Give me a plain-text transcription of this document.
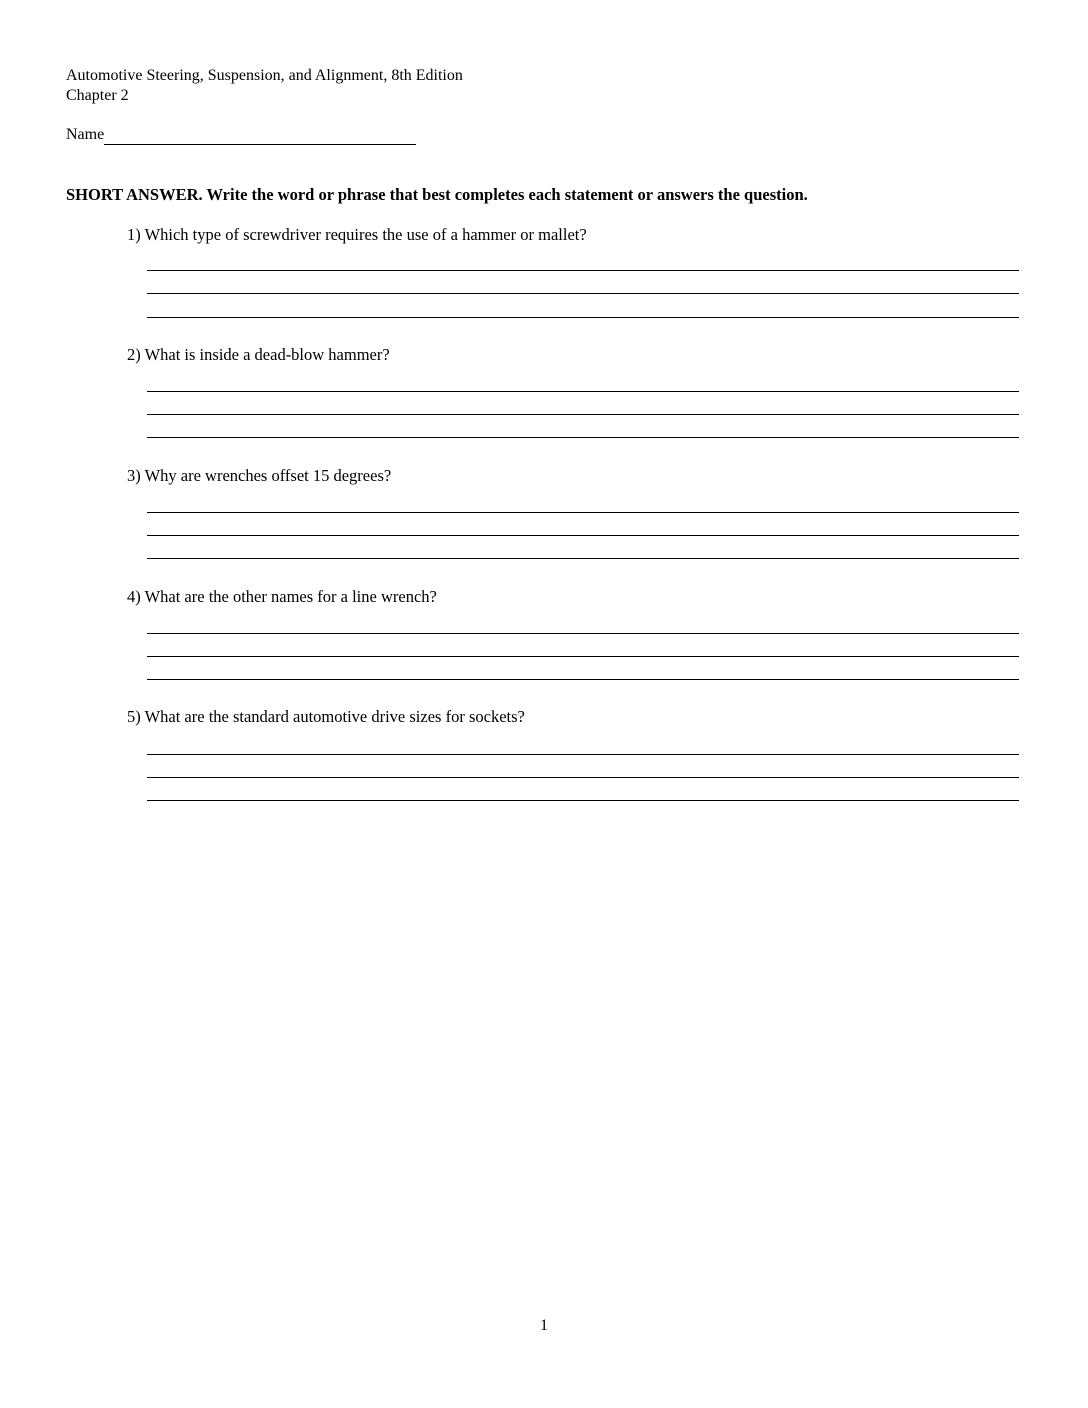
Automotive Steering, Suspension, and Alignment, 8th Edition
Chapter 2
Name
SHORT ANSWER. Write the word or phrase that best completes each statement or answers the question.
1) Which type of screwdriver requires the use of a hammer or mallet?
2) What is inside a dead-blow hammer?
3) Why are wrenches offset 15 degrees?
4) What are the other names for a line wrench?
5) What are the standard automotive drive sizes for sockets?
1
